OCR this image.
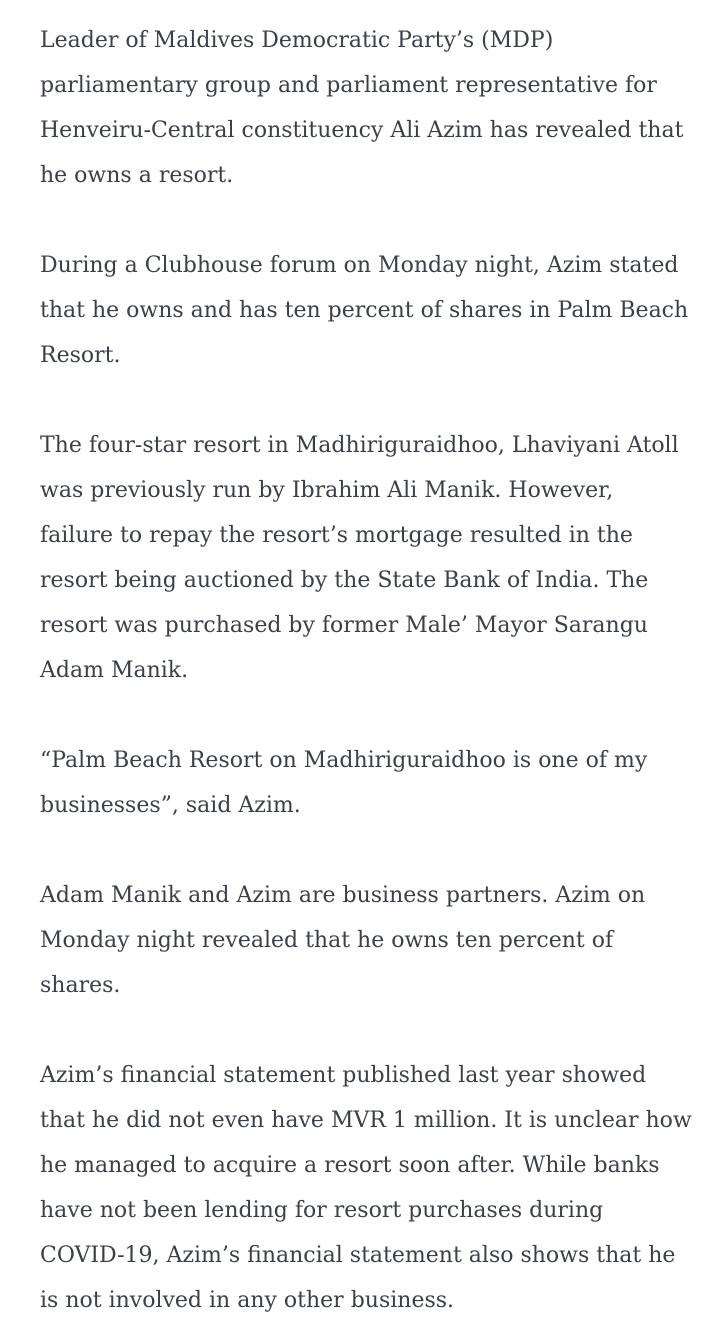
Leader of Maldives Democratic Party’s (MDP) parliamentary group and parliament representative for Henveiru-Central constituency Ali Azim has revealed that he owns a resort.

During a Clubhouse forum on Monday night, Azim stated that he owns and has ten percent of shares in Palm Beach Resort.

The four-star resort in Madhiriguraidhoo, Lhaviyani Atoll was previously run by Ibrahim Ali Manik. However, failure to repay the resort’s mortgage resulted in the resort being auctioned by the State Bank of India. The resort was purchased by former Male’ Mayor Sarangu Adam Manik.

“Palm Beach Resort on Madhiriguraidhoo is one of my businesses”, said Azim.

Adam Manik and Azim are business partners. Azim on Monday night revealed that he owns ten percent of shares.

Azim’s financial statement published last year showed that he did not even have MVR 1 million. It is unclear how he managed to acquire a resort soon after. While banks have not been lending for resort purchases during COVID-19, Azim’s financial statement also shows that he is not involved in any other business.
